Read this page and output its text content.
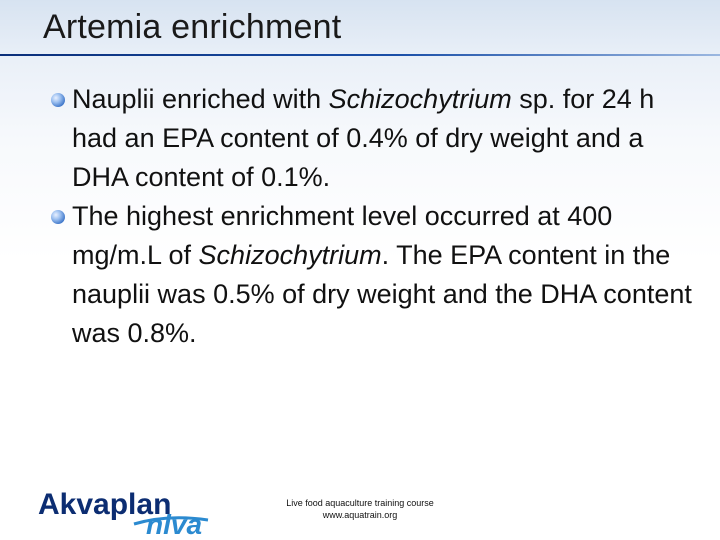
Artemia enrichment

Nauplii enriched with Schizochytrium sp. for 24 h had an EPA content of 0.4% of dry weight and a DHA content of 0.1%.

The highest enrichment level occurred at 400 mg/m.L of Schizochytrium. The EPA content in the nauplii was 0.5% of dry weight and the DHA content was 0.8%.

Akvaplan
niva
Live food aquaculture training course
www.aquatrain.org
